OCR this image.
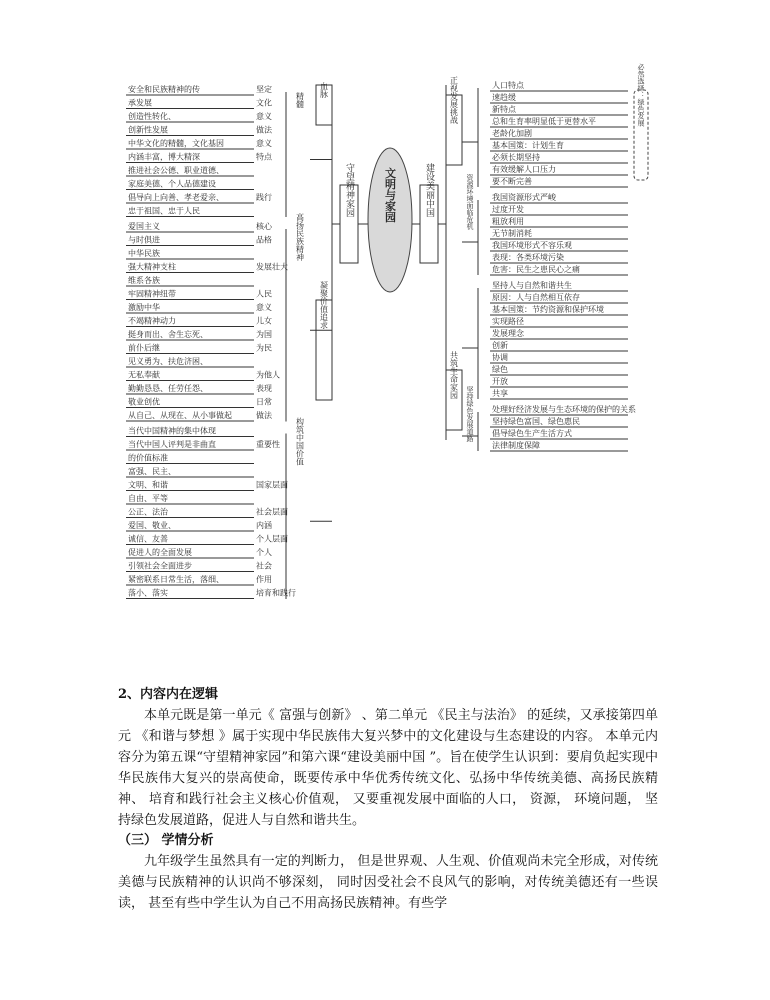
文明与家园
守望精神家园	建设美丽中国
血脉
凝聚价值追求
安全和民族精神的传	坚定
承发展	文化
创造性转化、	意义
创新性发展	做法
中华文化的精髓，文化基因	意义
内涵丰富，博大精深	特点
推进社会公德、职业道德、
家庭美德、个人品德建设
倡导向上向善、孝老爱亲、	践行
忠于祖国、忠于人民
精髓
爱国主义	核心
与时俱进	品格
中华民族
强大精神支柱	发展壮大
维系各族
牢固精神纽带	人民
激励中华	意义
不竭精神动力	儿女
挺身而出、舍生忘死、	为国
前仆后继	为民
见义勇为、扶危济困、
无私奉献	为他人
勤勤恳恳、任劳任怨、	表现
敬业创优	日常
从自己、从现在、从小事做起	做法
高扬民族精神
当代中国精神的集中体现
当代中国人评判是非曲直	重要性
的价值标准
富强、民主、
文明、和谐	国家层面
自由、平等
公正、法治	社会层面
爱国、敬业、	内涵
诚信、友善	个人层面
促进人的全面发展	个人
引领社会全面进步	社会
紧密联系日常生活，落细、	作用
落小、落实	培育和践行
构筑中国价值
正视发展挑战
共筑生命家园
必然选择：绿色发展
人口特点
速趋缓
新特点
总和生育率明显低于更替水平
老龄化加剧
基本国策：计划生育
必须长期坚持
有效缓解人口压力
要不断完善
我国资源形式严峻
过度开发
粗放利用
无节制消耗
我国环境形式不容乐观
表现：各类环境污染
危害：民生之患民心之痛
资源环境面临危机
坚持人与自然和谐共生
原因：人与自然相互依存
基本国策：节约资源和保护环境
实现路径
发展理念
创新
协调
绿色
开放
共享
处理好经济发展与生态环境的保护的关系
坚持绿色富国、绿色惠民
倡导绿色生产生活方式
法律制度保障
坚持绿色发展道路

2、内容内在逻辑

本单元既是第一单元《 富强与创新》 、第二单元 《民主与法治》 的延续，又承接第四单元 《和谐与梦想 》属于实现中华民族伟大复兴梦中的文化建设与生态建设的内容。 本单元内容分为第五课“守望精神家园”和第六课“建设美丽中国 ”。旨在使学生认识到：要肩负起实现中华民族伟大复兴的崇高使命，既要传承中华优秀传统文化、弘扬中华传统美德、高扬民族精神、 培育和践行社会主义核心价值观， 又要重视发展中面临的人口， 资源， 环境问题， 坚持绿色发展道路，促进人与自然和谐共生。

（三） 学情分析

九年级学生虽然具有一定的判断力， 但是世界观、人生观、价值观尚未完全形成，对传统美德与民族精神的认识尚不够深刻， 同时因受社会不良风气的影响，对传统美德还有一些误读， 甚至有些中学生认为自己不用高扬民族精神。有些学
